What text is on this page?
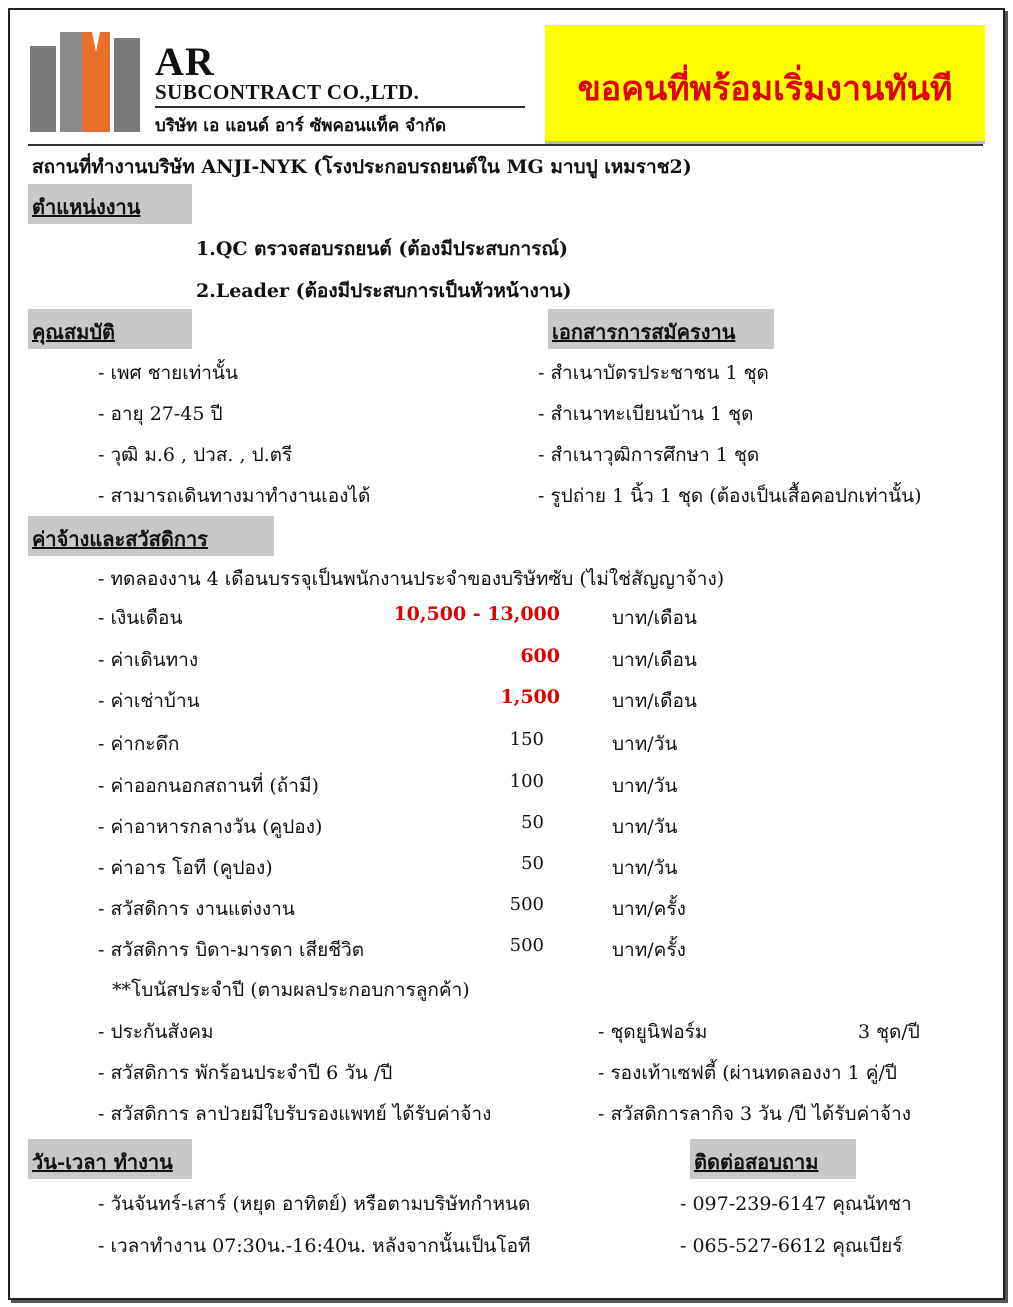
AR
SUBCONTRACT CO.,LTD.
บริษัท เอ แอนด์ อาร์ ซัพคอนแท็ค จำกัด
ขอคนที่พร้อมเริ่มงานทันที
สถานที่ทำงานบริษัท ANJI-NYK (โรงประกอบรถยนต์ใน MG มาบปู เหมราช2)
ตำแหน่งงาน
1.QC ตรวจสอบรถยนต์ (ต้องมีประสบการณ์)
2.Leader (ต้องมีประสบการเป็นหัวหน้างาน)
คุณสมบัติ
- เพศ ชายเท่านั้น
- อายุ 27-45 ปี
- วุฒิ ม.6 , ปวส. , ป.ตรี
- สามารถเดินทางมาทำงานเองได้
เอกสารการสมัครงาน
- สำเนาบัตรประชาชน 1 ชุด
- สำเนาทะเบียนบ้าน 1 ชุด
- สำเนาวุฒิการศึกษา 1 ชุด
- รูปถ่าย 1 นิ้ว 1 ชุด (ต้องเป็นเสื้อคอปกเท่านั้น)
ค่าจ้างและสวัสดิการ
- ทดลองงาน 4 เดือนบรรจุเป็นพนักงานประจำของบริษัทซับ (ไม่ใช่สัญญาจ้าง)
- เงินเดือน	10,500 - 13,000	บาท/เดือน
- ค่าเดินทาง	600	บาท/เดือน
- ค่าเช่าบ้าน	1,500	บาท/เดือน
- ค่ากะดึก	150	บาท/วัน
- ค่าออกนอกสถานที่ (ถ้ามี)	100	บาท/วัน
- ค่าอาหารกลางวัน (คูปอง)	50	บาท/วัน
- ค่าอาร โอที (คูปอง)	50	บาท/วัน
- สวัสดิการ งานแต่งงาน	500	บาท/ครั้ง
- สวัสดิการ บิดา-มารดา เสียชีวิต	500	บาท/ครั้ง
**โบนัสประจำปี (ตามผลประกอบการลูกค้า)
- ประกันสังคม
- สวัสดิการ พักร้อนประจำปี 6 วัน /ปี
- สวัสดิการ ลาป่วยมีใบรับรองแพทย์ ได้รับค่าจ้าง
- ชุดยูนิฟอร์ม	3 ชุด/ปี
- รองเท้าเซฟตี้ (ผ่านทดลองงา 1 คู่/ปี
- สวัสดิการลากิจ 3 วัน /ปี ได้รับค่าจ้าง
วัน-เวลา ทำงาน
- วันจันทร์-เสาร์ (หยุด อาทิตย์) หรือตามบริษัทกำหนด
- เวลาทำงาน 07:30น.-16:40น. หลังจากนั้นเป็นโอที
ติดต่อสอบถาม
- 097-239-6147 คุณนัทชา
- 065-527-6612 คุณเบียร์
